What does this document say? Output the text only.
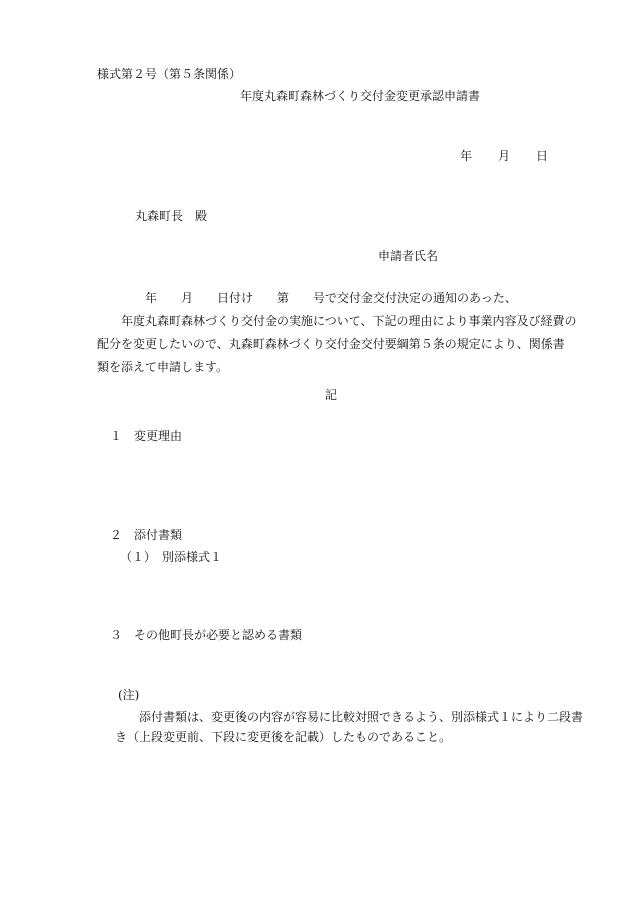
様式第２号（第５条関係）
年度丸森町森林づくり交付金変更承認申請書
年 月 日
丸森町長　殿
申請者氏名
　　　　年　　月　　日付け　　第　　号で交付金交付決定の通知のあった、
　　年度丸森町森林づくり交付金の実施について、下記の理由により事業内容及び経費の
配分を変更したいので、丸森町森林づくり交付金交付要綱第５条の規定により、関係書
類を添えて申請します。
記
１　変更理由
２　添付書類
（１）　別添様式１
３　その他町長が必要と認める書類
(注)
　　添付書類は、変更後の内容が容易に比較対照できるよう、別添様式１により二段書
き（上段変更前、下段に変更後を記載）したものであること。
